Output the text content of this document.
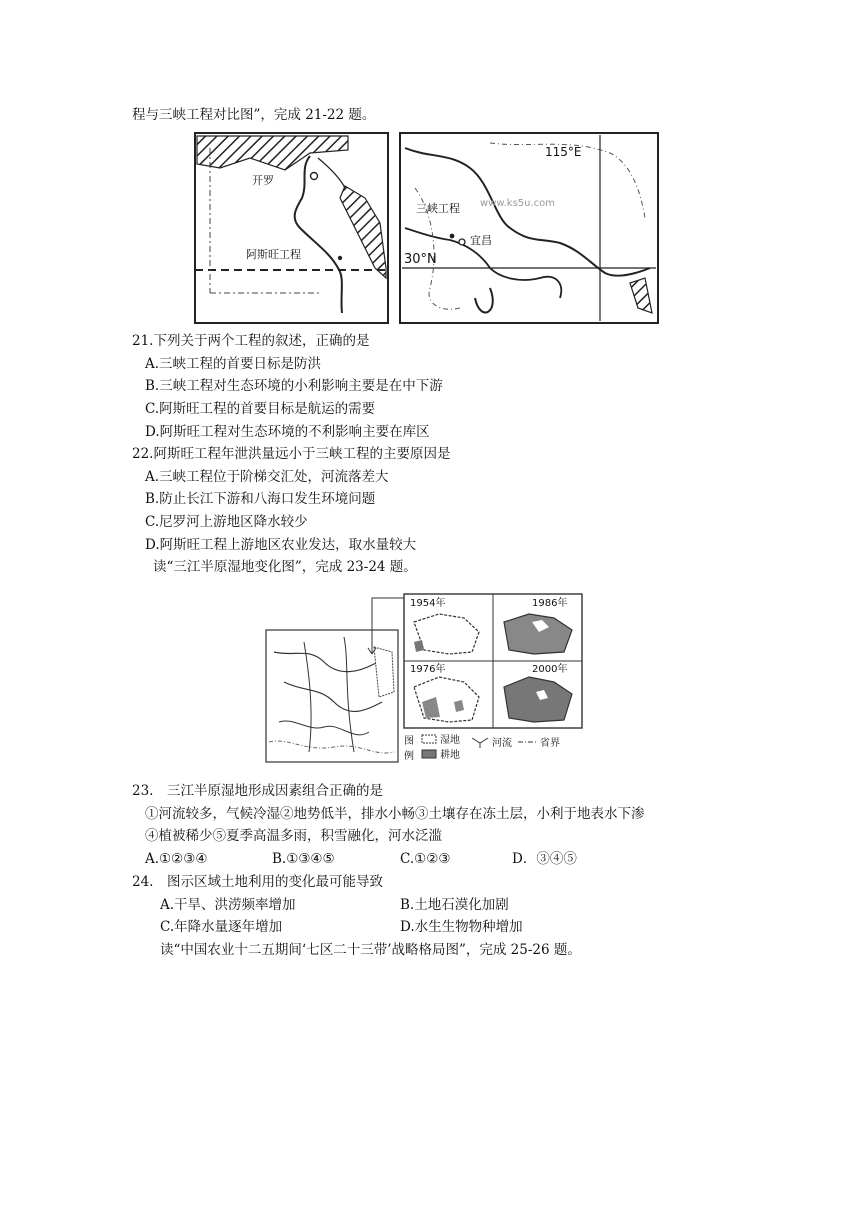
程与三峡工程对比图”，完成 21-22 题。
开罗
阿斯旺工程
115°E
三峡工程
宜昌
30°N
www.ks5u.com
21.下列关于两个工程的叙述，正确的是
A.三峡工程的首要日标是防洪
B.三峡工程对生态环境的小利影响主要是在中下游
C.阿斯旺工程的首要目标是航运的需要
D.阿斯旺工程对生态环境的不利影响主要在库区
22.阿斯旺工程年泄洪量远小于三峡工程的主要原因是
A.三峡工程位于阶梯交汇处，河流落差大
B.防止长江下游和八海口发生环境问题
C.尼罗河上游地区降水较少
D.阿斯旺工程上游地区农业发达，取水量较大
读“三江半原湿地变化图”，完成 23-24 题。
1954年	1986年
1976年	2000年
图
例
湿地
耕地
河流	省界
23.　三江半原湿地形成因素组合正确的是
①河流较多，气候冷湿②地势低半，排水小畅③土壤存在冻土层，小利于地表水下渗
④植被稀少⑤夏季高温多雨，积雪融化，河水泛滥
A.①②③④	B.①③④⑤	C.①②③	D．③④⑤
24.　图示区域土地利用的变化最可能导致
A.干旱、洪涝频率增加	B.土地石漠化加剧
C.年降水量逐年增加	D.水生生物物种增加
读“中国农业十二五期间‘七区二十三带’战略格局图”，完成 25-26 题。
